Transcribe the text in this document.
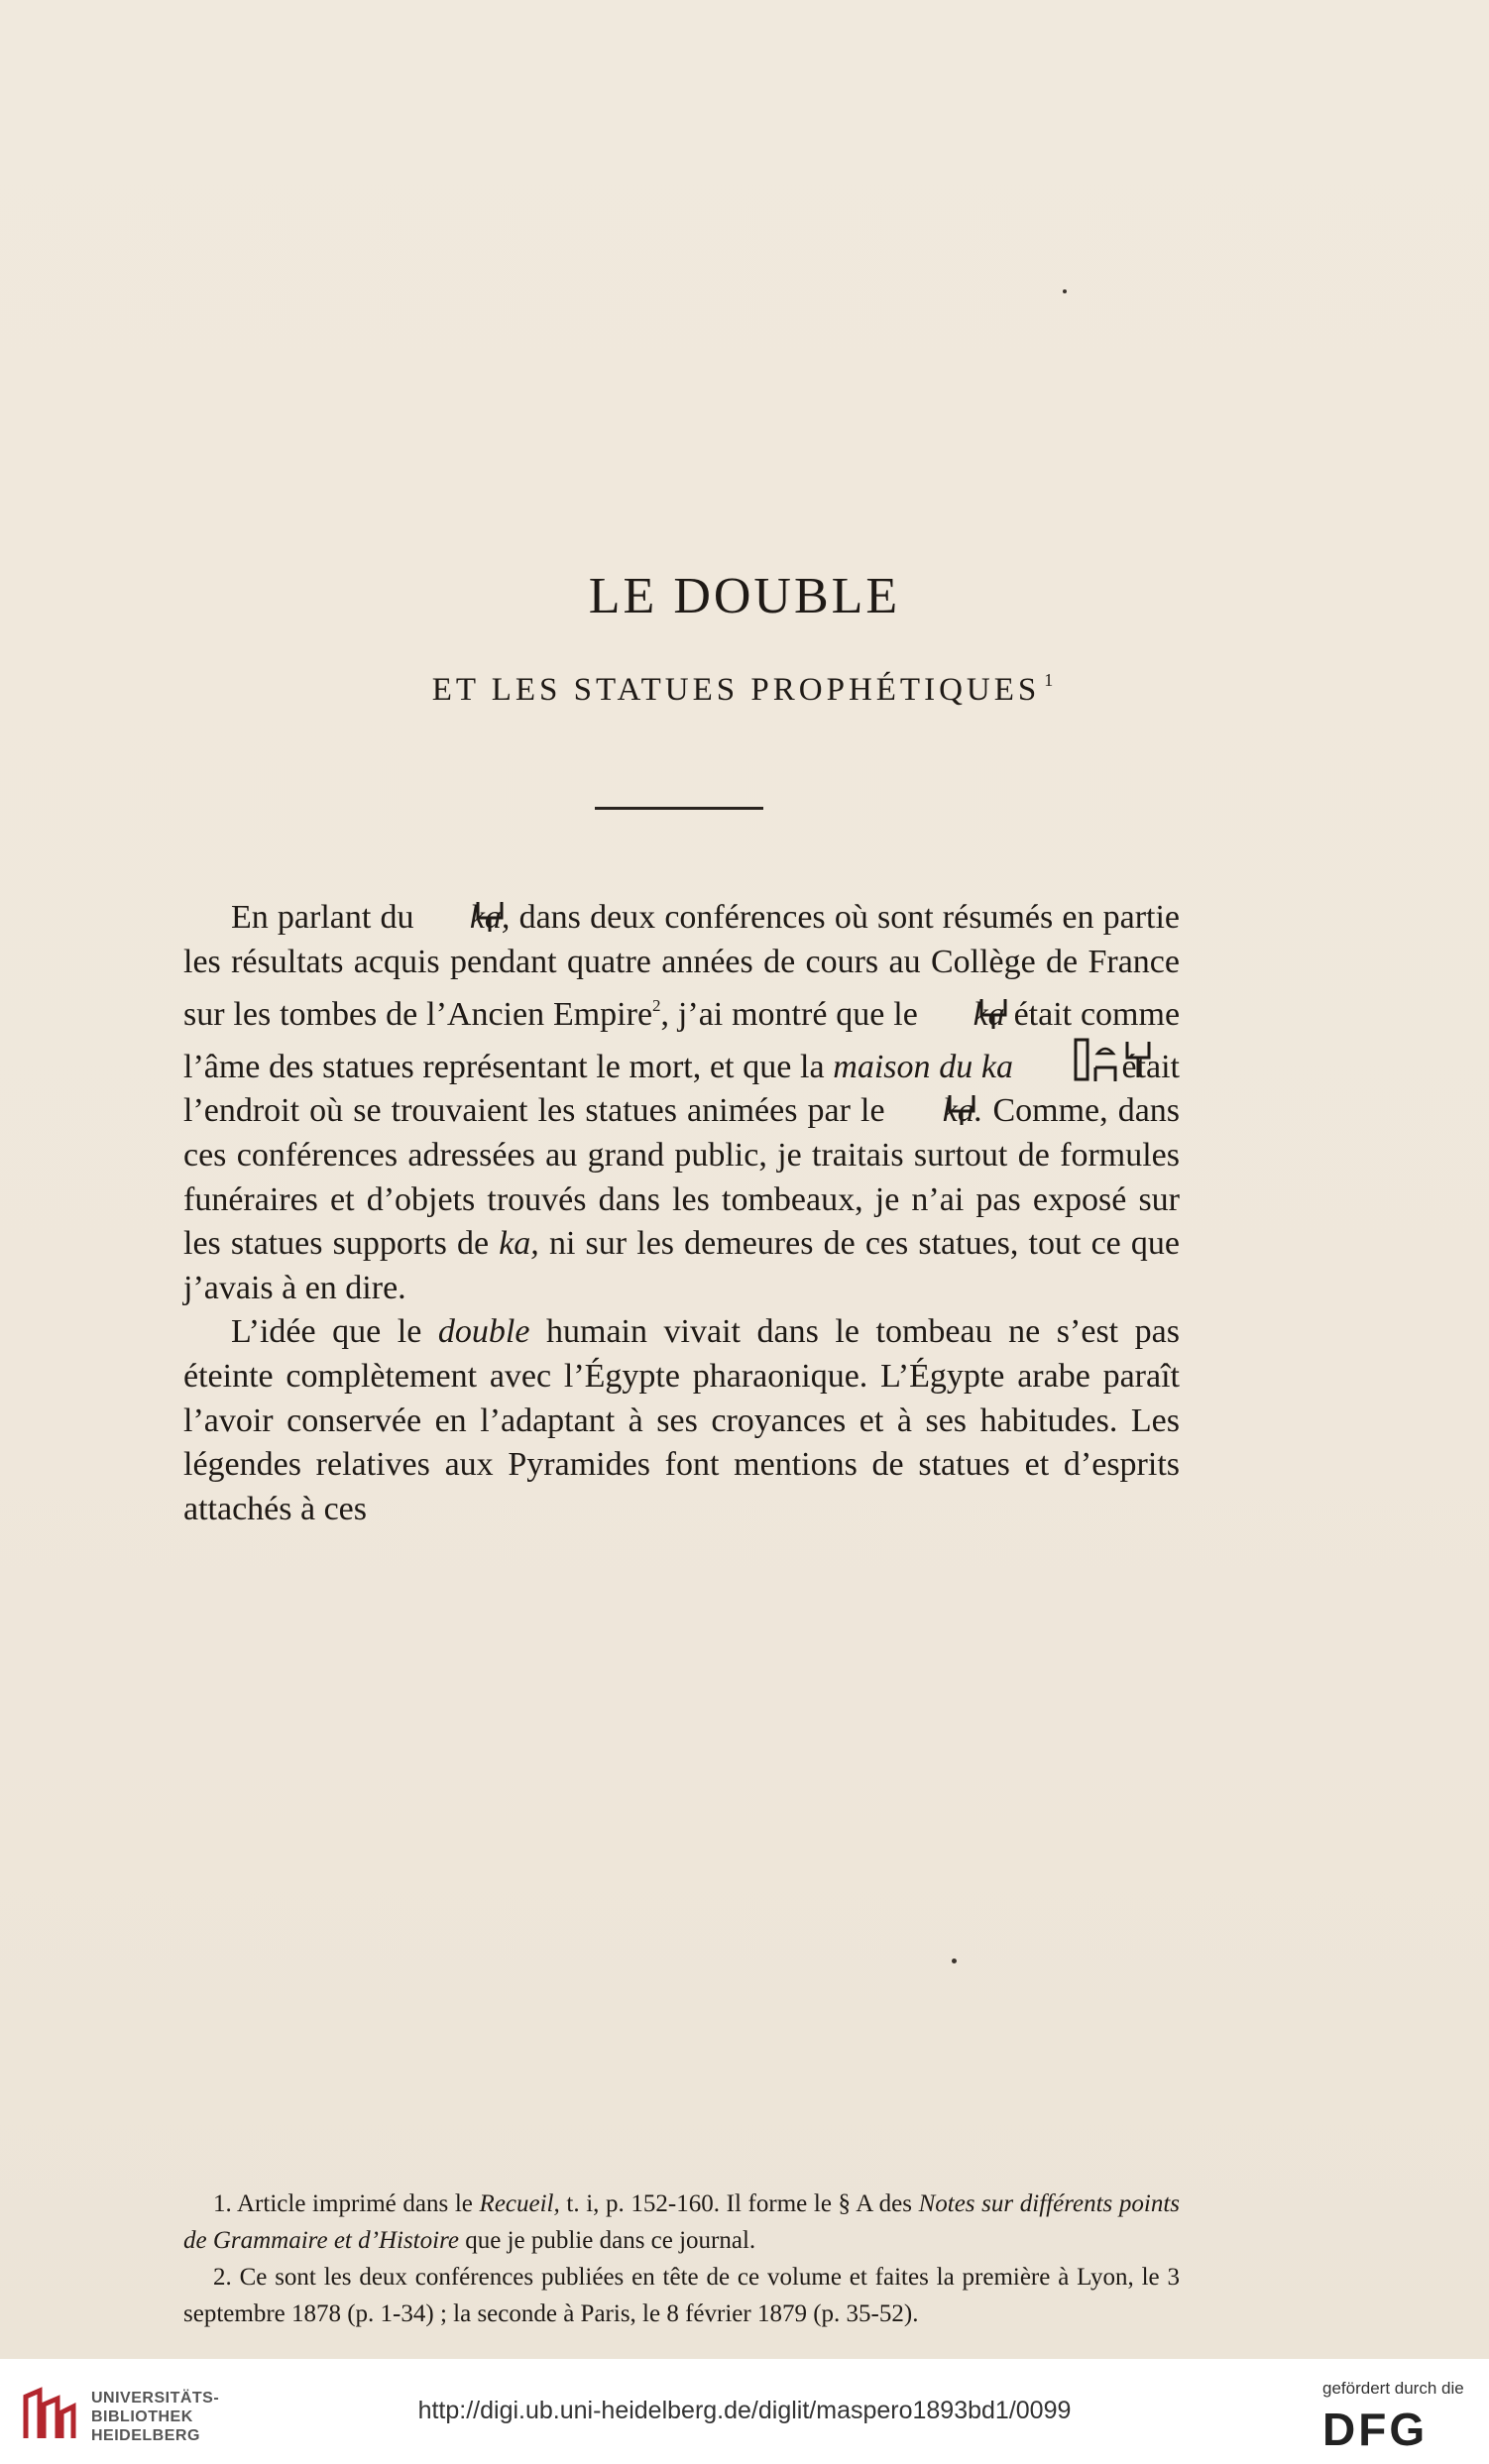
LE DOUBLE
ET LES STATUES PROPHÉTIQUES $^1$

En parlant du ka, dans deux conférences où sont résumés en partie les résultats acquis pendant quatre années de cours au Collège de France sur les tombes de l’Ancien Empire$^2$, j’ai montré que le ka était comme l’âme des statues représentant le mort, et que la maison du ka	était l’endroit où se trouvaient les statues animées par le ka. Comme, dans ces conférences adressées au grand public, je traitais surtout de formules funéraires et d’objets trouvés dans les tombeaux, je n’ai pas exposé sur les statues supports de ka, ni sur les demeures de ces statues, tout ce que j’avais à en dire.

L’idée que le double humain vivait dans le tombeau ne s’est pas éteinte complètement avec l’Égypte pharaonique. L’Égypte arabe paraît l’avoir conservée en l’adaptant à ses croyances et à ses habitudes. Les légendes relatives aux Pyramides font mentions de statues et d’esprits attachés à ces

1. Article imprimé dans le Recueil, t. i, p. 152-160. Il forme le § A des Notes sur différents points de Grammaire et d’Histoire que je publie dans ce journal.

2. Ce sont les deux conférences publiées en tête de ce volume et faites la première à Lyon, le 3 septembre 1878 (p. 1-34) ; la seconde à Paris, le 8 février 1879 (p. 35-52).

UNIVERSITÄTS-
BIBLIOTHEK
HEIDELBERG
http://digi.ub.uni-heidelberg.de/diglit/maspero1893bd1/0099
gefördert durch die
DFG
